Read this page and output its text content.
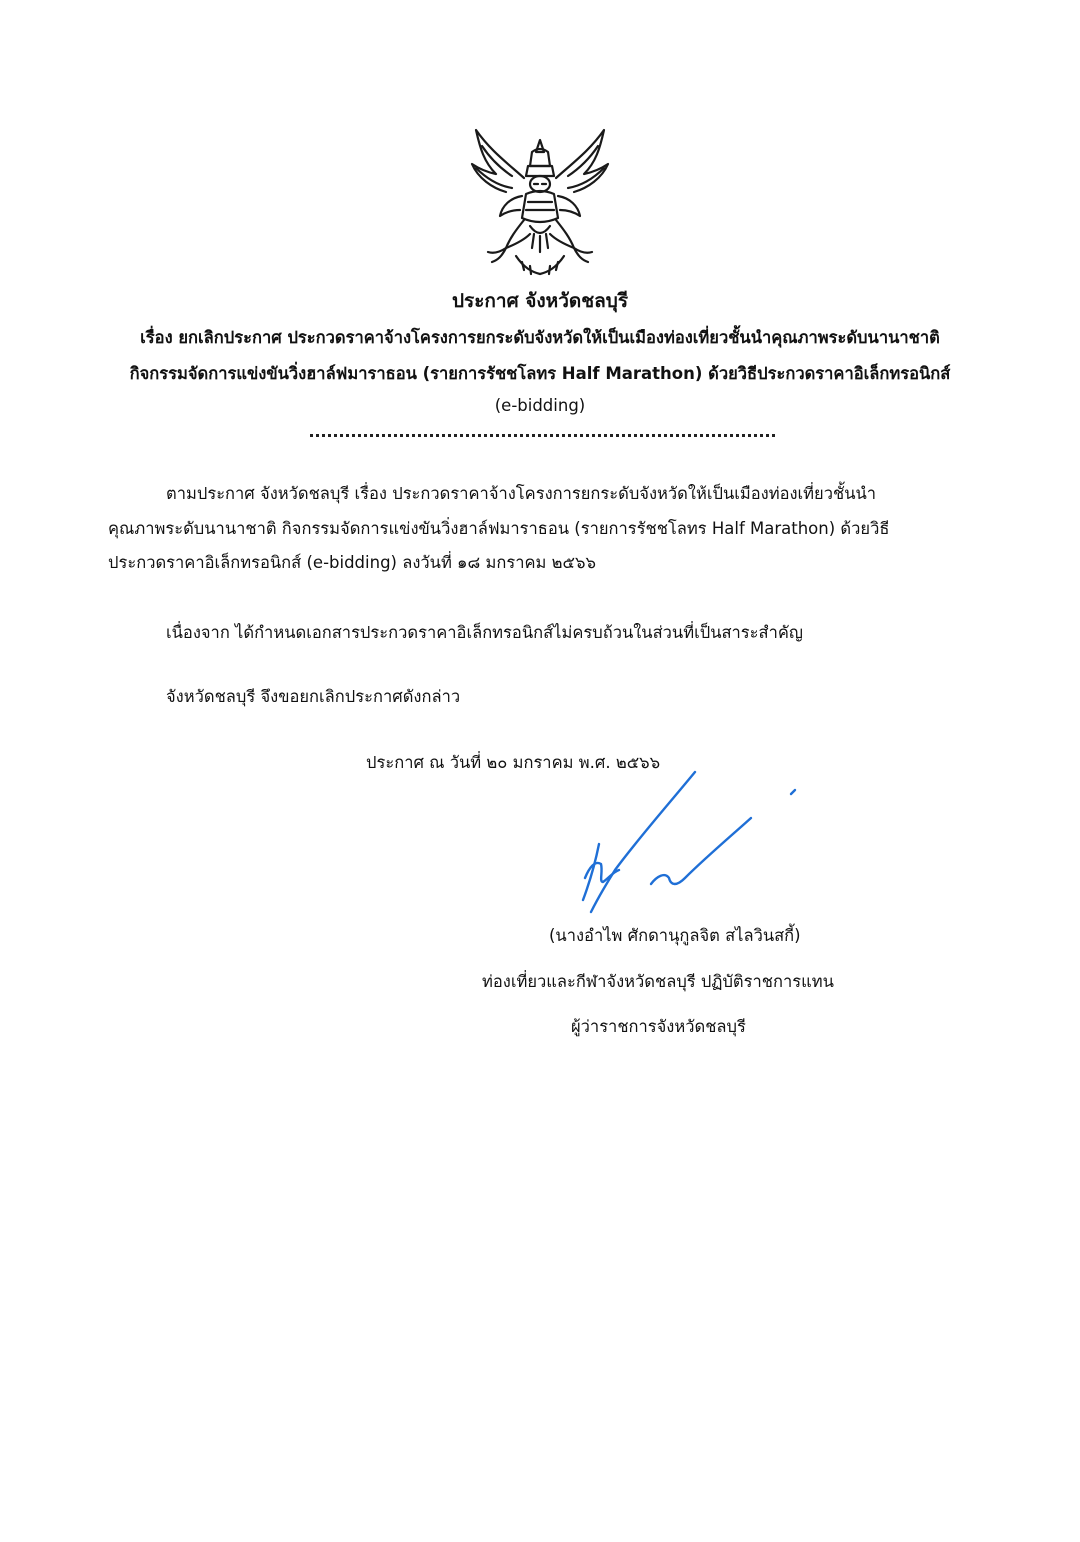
ประกาศ จังหวัดชลบุรี
เรื่อง ยกเลิกประกาศ ประกวดราคาจ้างโครงการยกระดับจังหวัดให้เป็นเมืองท่องเที่ยวชั้นนำคุณภาพระดับนานาชาติ
กิจกรรมจัดการแข่งขันวิ่งฮาล์ฟมาราธอน (รายการรัชชโลทร Half Marathon) ด้วยวิธีประกวดราคาอิเล็กทรอนิกส์
(e-bidding)
ตามประกาศ จังหวัดชลบุรี เรื่อง ประกวดราคาจ้างโครงการยกระดับจังหวัดให้เป็นเมืองท่องเที่ยวชั้นนำ
คุณภาพระดับนานาชาติ กิจกรรมจัดการแข่งขันวิ่งฮาล์ฟมาราธอน (รายการรัชชโลทร Half Marathon) ด้วยวิธี
ประกวดราคาอิเล็กทรอนิกส์ (e-bidding) ลงวันที่ ๑๘ มกราคม ๒๕๖๖
เนื่องจาก ได้กำหนดเอกสารประกวดราคาอิเล็กทรอนิกส์ไม่ครบถ้วนในส่วนที่เป็นสาระสำคัญ
จังหวัดชลบุรี จึงขอยกเลิกประกาศดังกล่าว
ประกาศ ณ วันที่ ๒๐ มกราคม พ.ศ. ๒๕๖๖
(นางอำไพ ศักดานุกูลจิต สไลวินสกี้)
ท่องเที่ยวและกีฬาจังหวัดชลบุรี ปฏิบัติราชการแทน
ผู้ว่าราชการจังหวัดชลบุรี
